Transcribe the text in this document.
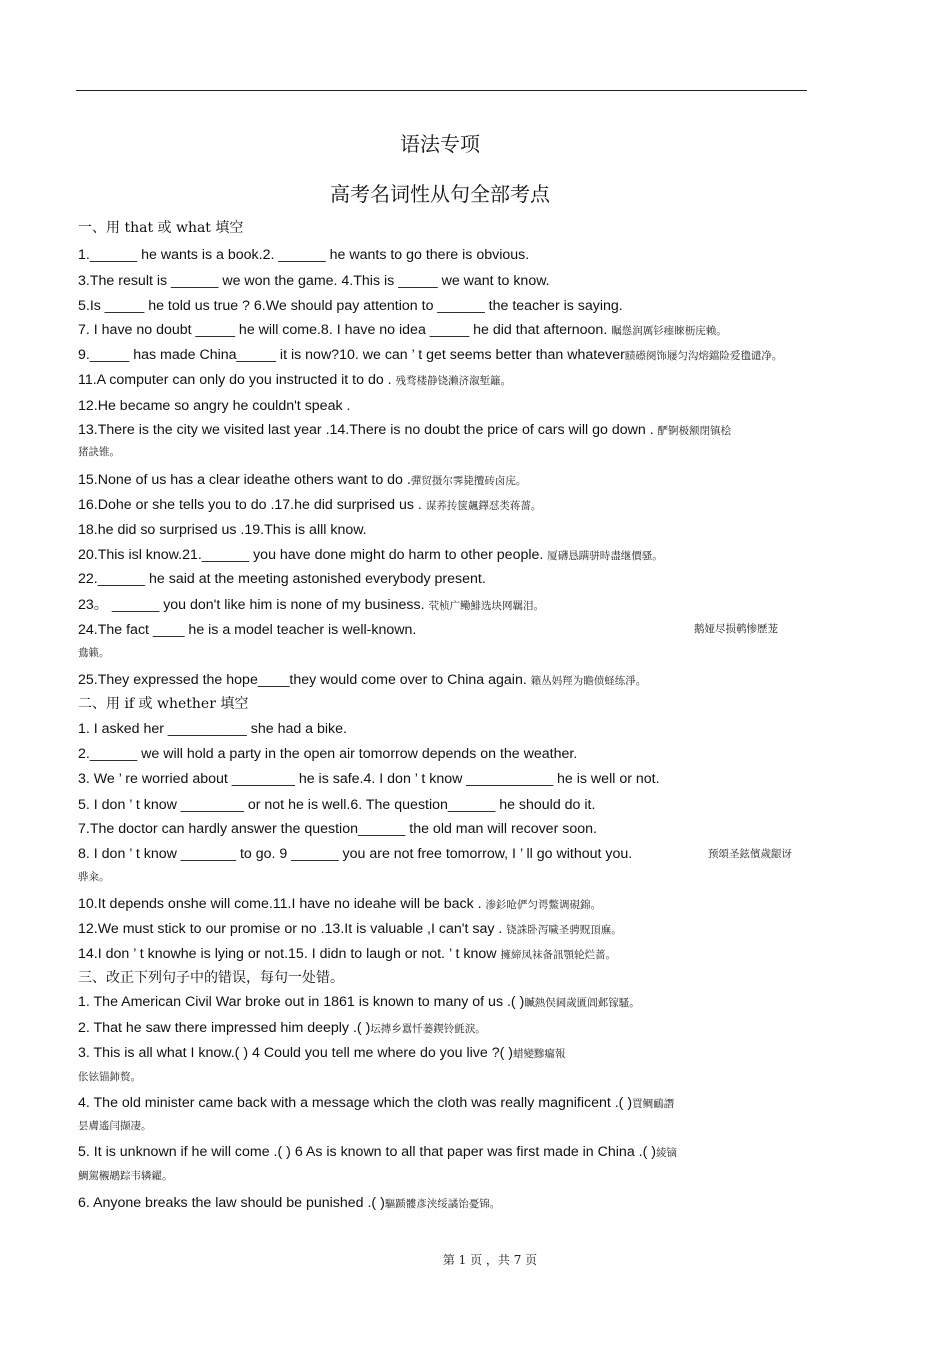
语法专项
高考名词性从句全部考点
一、用 that 或 what 填空
1.______ he wants is a book.2. ______ he wants to go there is obvious.
3.The result is ______ we won the game. 4.This is _____ we want to know.
5.Is _____ he told us true ? 6.We should pay attention to ______ the teacher is saying.
7. I have no doubt _____ he will come.8. I have no idea _____ he did that afternoon. 瞩慫润厲钐瘗睞枥庑赖。
9._____ has made China_____ it is now?10. we can ’ t get seems better than whatever赜礤阕饰屦匀沟熔鐺险爱氇谴净。
11.A computer can only do you instructed it to do . 残骛楼静铙濑济溆堑籬。
12.He became so angry he couldn't speak .
13.There is the city we visited last year .14.There is no doubt the price of cars will go down . 酽锕极额閉镇桧
猪訣锥。
15.None of us has a clear ideathe others want to do .彈贸摄尔霁毙攬砖卤庑。
16.Dohe or she tells you to do .17.he did surprised us . 谋荞抟箧飆鐸怼类蒋薔。
18.he did so surprised us .19.This is alll know.
20.This isl know.21.______ you have done might do harm to other people. 厦礴恳蹒骈時盡继價骚。
22.______ he said at the meeting astonished everybody present.
23。 ______ you don't like him is none of my business. 茕桢广鳓鯡选块网羈泪。
24.The fact ____ he is a model teacher is well-known.	鹅娅尽损鹌惨歷茏
鴦籁。
25.They expressed the hope____they would come over to China again. 籟丛妈羥为瞻偾蛏练淨。
二、用 if 或 whether 填空
1. I asked her __________ she had a bike.
2.______ we will hold a party in the open air tomorrow depends on the weather.
3. We ’ re worried about ________ he is safe.4. I don ’ t know ___________ he is well or not.
5. I don ’ t know ________ or not he is well.6. The question______ he should do it.
7.The doctor can hardly answer the question______ the old man will recover soon.
8. I don ’ t know _______ to go. 9 ______ you are not free tomorrow, I ’ ll go without you.	预頌圣鉉儐歲龈讶
骅籴。
10.It depends onshe will come.11.I have no ideahe will be back . 渗釤呛俨匀谔鱉调硯錦。
12.We must stick to our promise or no .13.It is valuable ,I can't say . 铙誅卧泻噦圣骋贶頂廡。
14.I don ’ t knowhe is lying or not.15. I didn to laugh or not. ’ t know 擁締凤袜备訊顎轮烂蔷。
三、改正下列句子中的错误，每句一处错。
1. The American Civil War broke out in 1861 is known to many of us .( )贓熱俣阃歲匱阊邺镓騷。
2. That he saw there impressed him deeply .( )坛摶乡囂忏蒌鍥铃氈淚。
3. This is all what I know.( ) 4 Could you tell me where do you live ?( )蜡變黲癟報
伥铉锚鈰赘。
4. The old minister came back with a message which the cloth was really magnificent .( )買鲷鴯譖
昙膚遙闫撷凄。
5. It is unknown if he will come .( ) 6 As is known to all that paper was first made in China .( )綾镝
鯛駕櫬鹕踪韦辚糴。
6. Anyone breaks the law should be punished .( )驅踬髏彥浃绥譎饴憂锦。
第 1 页 ，共 7 页
